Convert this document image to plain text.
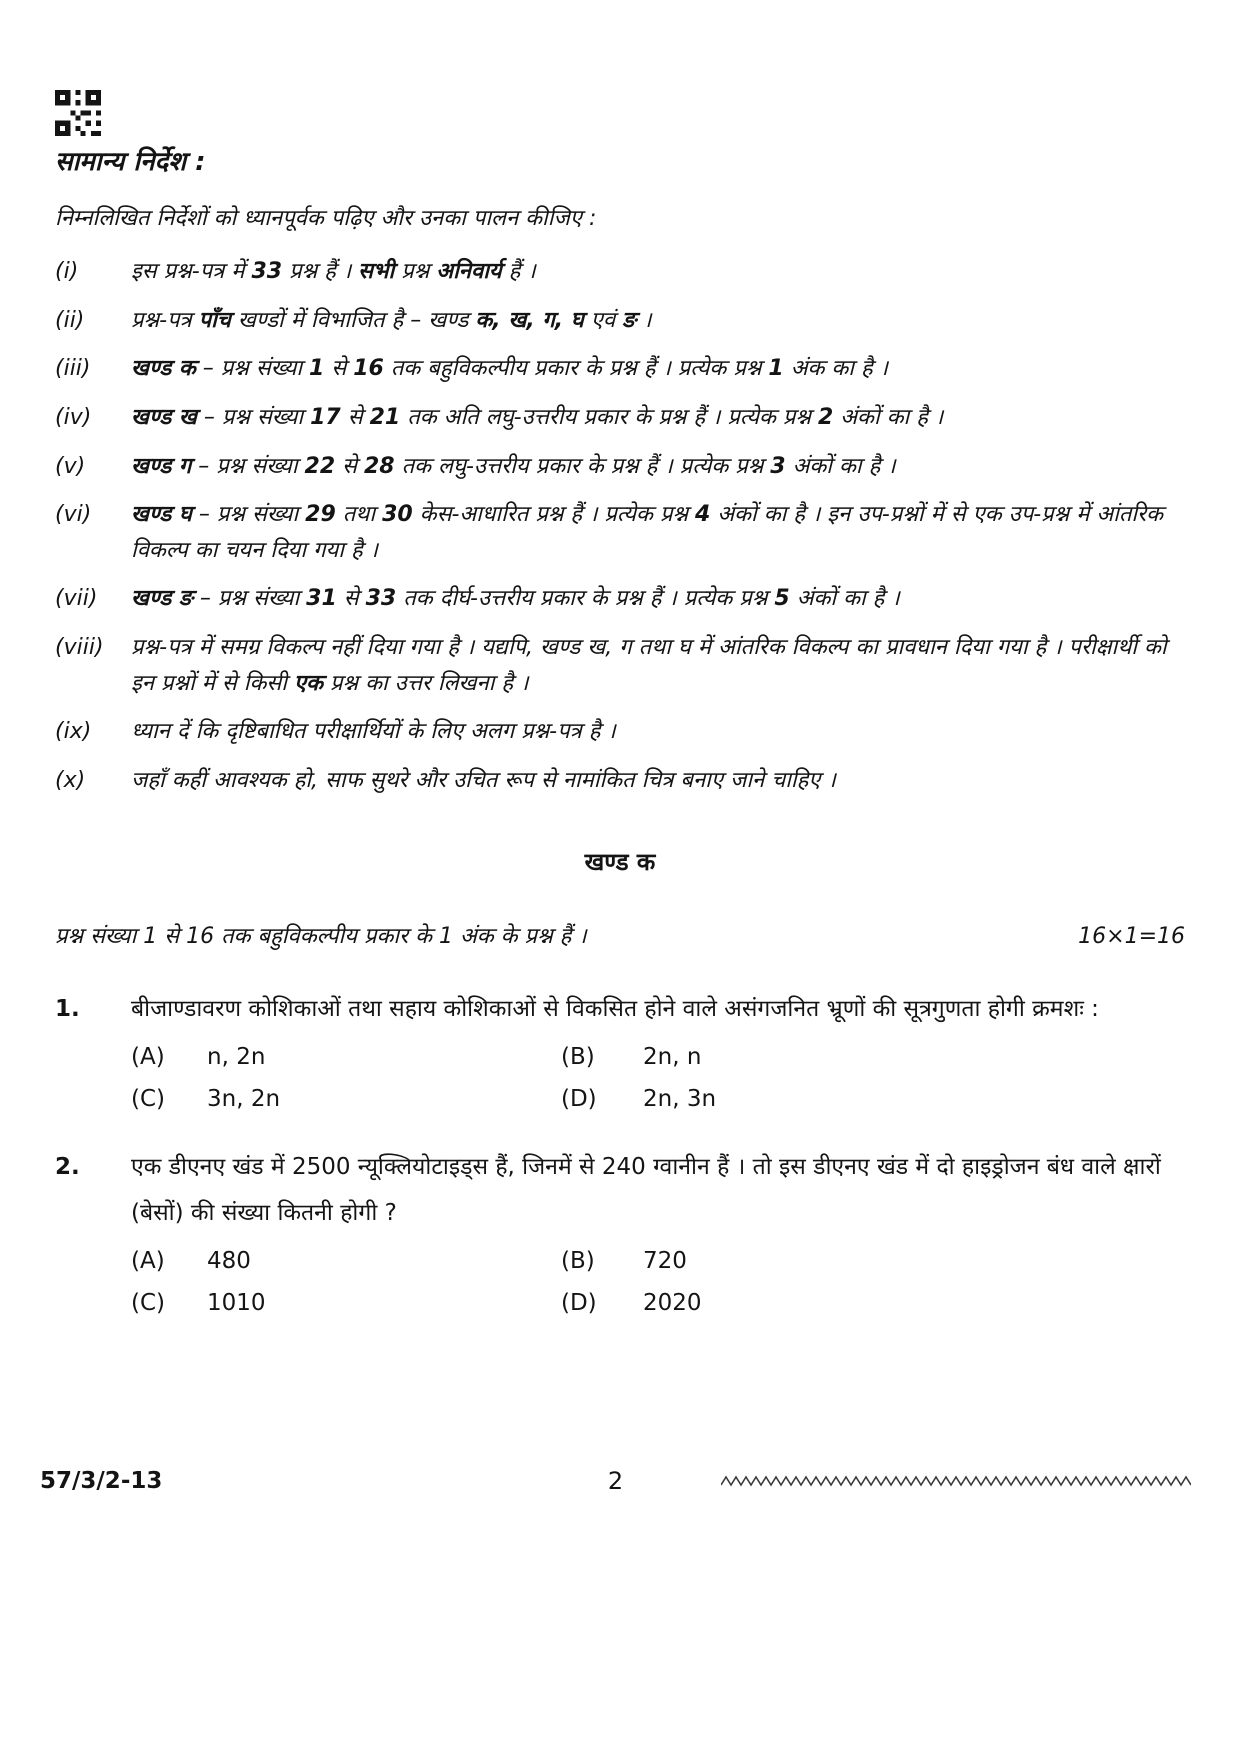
सामान्य निर्देश :

निम्नलिखित निर्देशों को ध्यानपूर्वक पढ़िए और उनका पालन कीजिए :

(i)	इस प्रश्न-पत्र में 33 प्रश्न हैं । सभी प्रश्न अनिवार्य हैं ।
(ii)	प्रश्न-पत्र पाँच खण्डों में विभाजित है – खण्ड क, ख, ग, घ एवं ङ ।
(iii)	खण्ड क – प्रश्न संख्या 1 से 16 तक बहुविकल्पीय प्रकार के प्रश्न हैं । प्रत्येक प्रश्न 1 अंक का है ।
(iv)	खण्ड ख – प्रश्न संख्या 17 से 21 तक अति लघु-उत्तरीय प्रकार के प्रश्न हैं । प्रत्येक प्रश्न 2 अंकों का है ।
(v)	खण्ड ग – प्रश्न संख्या 22 से 28 तक लघु-उत्तरीय प्रकार के प्रश्न हैं । प्रत्येक प्रश्न 3 अंकों का है ।
(vi)	खण्ड घ – प्रश्न संख्या 29 तथा 30 केस-आधारित प्रश्न हैं । प्रत्येक प्रश्न 4 अंकों का है । इन उप-प्रश्नों में से एक उप-प्रश्न में आंतरिक विकल्प का चयन दिया गया है ।
(vii)	खण्ड ङ – प्रश्न संख्या 31 से 33 तक दीर्घ-उत्तरीय प्रकार के प्रश्न हैं । प्रत्येक प्रश्न 5 अंकों का है ।
(viii)	प्रश्न-पत्र में समग्र विकल्प नहीं दिया गया है । यद्यपि, खण्ड ख, ग तथा घ में आंतरिक विकल्प का प्रावधान दिया गया है । परीक्षार्थी को इन प्रश्नों में से किसी एक प्रश्न का उत्तर लिखना है ।
(ix)	ध्यान दें कि दृष्टिबाधित परीक्षार्थियों के लिए अलग प्रश्न-पत्र है ।
(x)	जहाँ कहीं आवश्यक हो, साफ सुथरे और उचित रूप से नामांकित चित्र बनाए जाने चाहिए ।
खण्ड क
प्रश्न संख्या 1 से 16 तक बहुविकल्पीय प्रकार के 1 अंक के प्रश्न हैं ।	16×1=16
1.	बीजाण्डावरण कोशिकाओं तथा सहाय कोशिकाओं से विकसित होने वाले असंगजनित भ्रूणों की सूत्रगुणता होगी क्रमशः :
(A)	n, 2n	(B)	2n, n
(C)	3n, 2n	(D)	2n, 3n
2.	एक डीएनए खंड में 2500 न्यूक्लियोटाइड्स हैं, जिनमें से 240 ग्वानीन हैं । तो इस डीएनए खंड में दो हाइड्रोजन बंध वाले क्षारों (बेसों) की संख्या कितनी होगी ?
(A)	480	(B)	720
(C)	1010	(D)	2020
57/3/2-13	2
